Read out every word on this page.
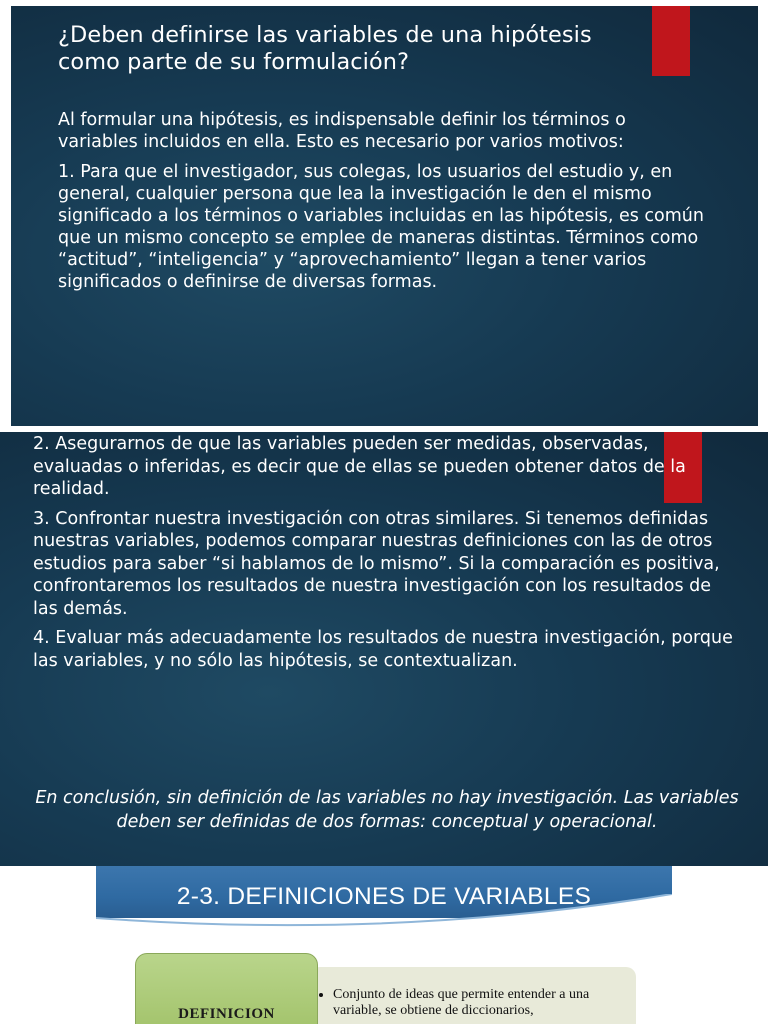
¿Deben definirse las variables de una hipótesis como parte de su formulación?

Al formular una hipótesis, es indispensable definir los términos o variables incluidos en ella. Esto es necesario por varios motivos:

1. Para que el investigador, sus colegas, los usuarios del estudio y, en general, cualquier persona que lea la investigación le den el mismo significado a los términos o variables incluidas en las hipótesis, es común que un mismo concepto se emplee de maneras distintas. Términos como “actitud”, “inteligencia” y “aprovechamiento” llegan a tener varios significados o definirse de diversas formas.

2. Asegurarnos de que las variables pueden ser medidas, observadas, evaluadas o inferidas, es decir que de ellas se pueden obtener datos de la realidad.

3. Confrontar nuestra investigación con otras similares. Si tenemos definidas nuestras variables, podemos comparar nuestras definiciones con las de otros estudios para saber “si hablamos de lo mismo”. Si la comparación es positiva, confrontaremos los resultados de nuestra investigación con los resultados de las demás.

4. Evaluar más adecuadamente los resultados de nuestra investigación, porque las variables, y no sólo las hipótesis, se contextualizan.

En conclusión, sin definición de las variables no hay investigación. Las variables deben ser definidas de dos formas: conceptual y operacional.
2-3. DEFINICIONES DE VARIABLES
• Conjunto de ideas que permite entender a una variable, se obtiene de diccionarios,
DEFINICION
